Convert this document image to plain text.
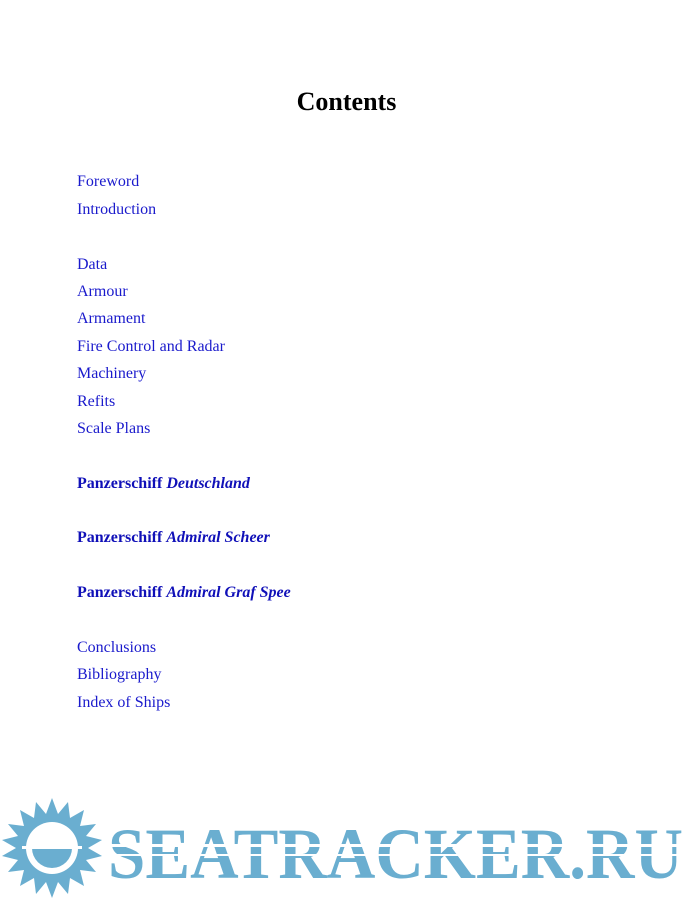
Contents
Foreword
Introduction
Data
Armour
Armament
Fire Control and Radar
Machinery
Refits
Scale Plans
Panzerschiff Deutschland
Panzerschiff Admiral Scheer
Panzerschiff Admiral Graf Spee
Conclusions
Bibliography
Index of Ships
